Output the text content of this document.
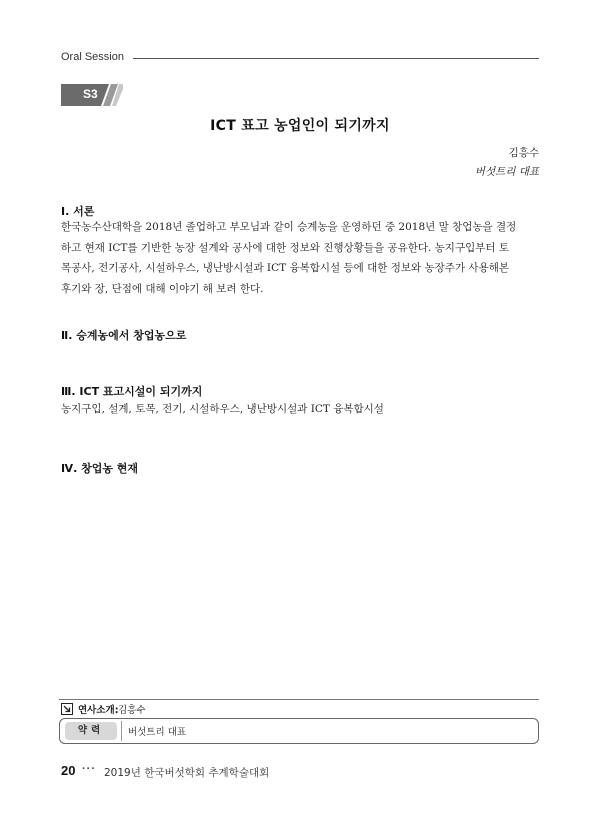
Oral Session
S3
ICT 표고 농업인이 되기까지
김흥수
버섯트리 대표
Ⅰ. 서론
한국농수산대학을 2018년 졸업하고 부모님과 같이 승계농을 운영하던 중 2018년 말 창업농을 결정
하고 현재 ICT를 기반한 농장 설계와 공사에 대한 정보와 진행상황들을 공유한다. 농지구입부터 토
목공사, 전기공사, 시설하우스, 냉난방시설과 ICT 융복합시설 등에 대한 정보와 농장주가 사용해본
후기와 장, 단점에 대해 이야기 해 보려 한다.
Ⅱ. 승계농에서 창업농으로
Ⅲ. ICT 표고시설이 되기까지
농지구입, 설계, 토목, 전기, 시설하우스, 냉난방시설과 ICT 융복합시설
Ⅳ. 창업농 현재
연사소개: 김흥수
약력	버섯트리 대표
20 ··· 2019년 한국버섯학회 추계학술대회
